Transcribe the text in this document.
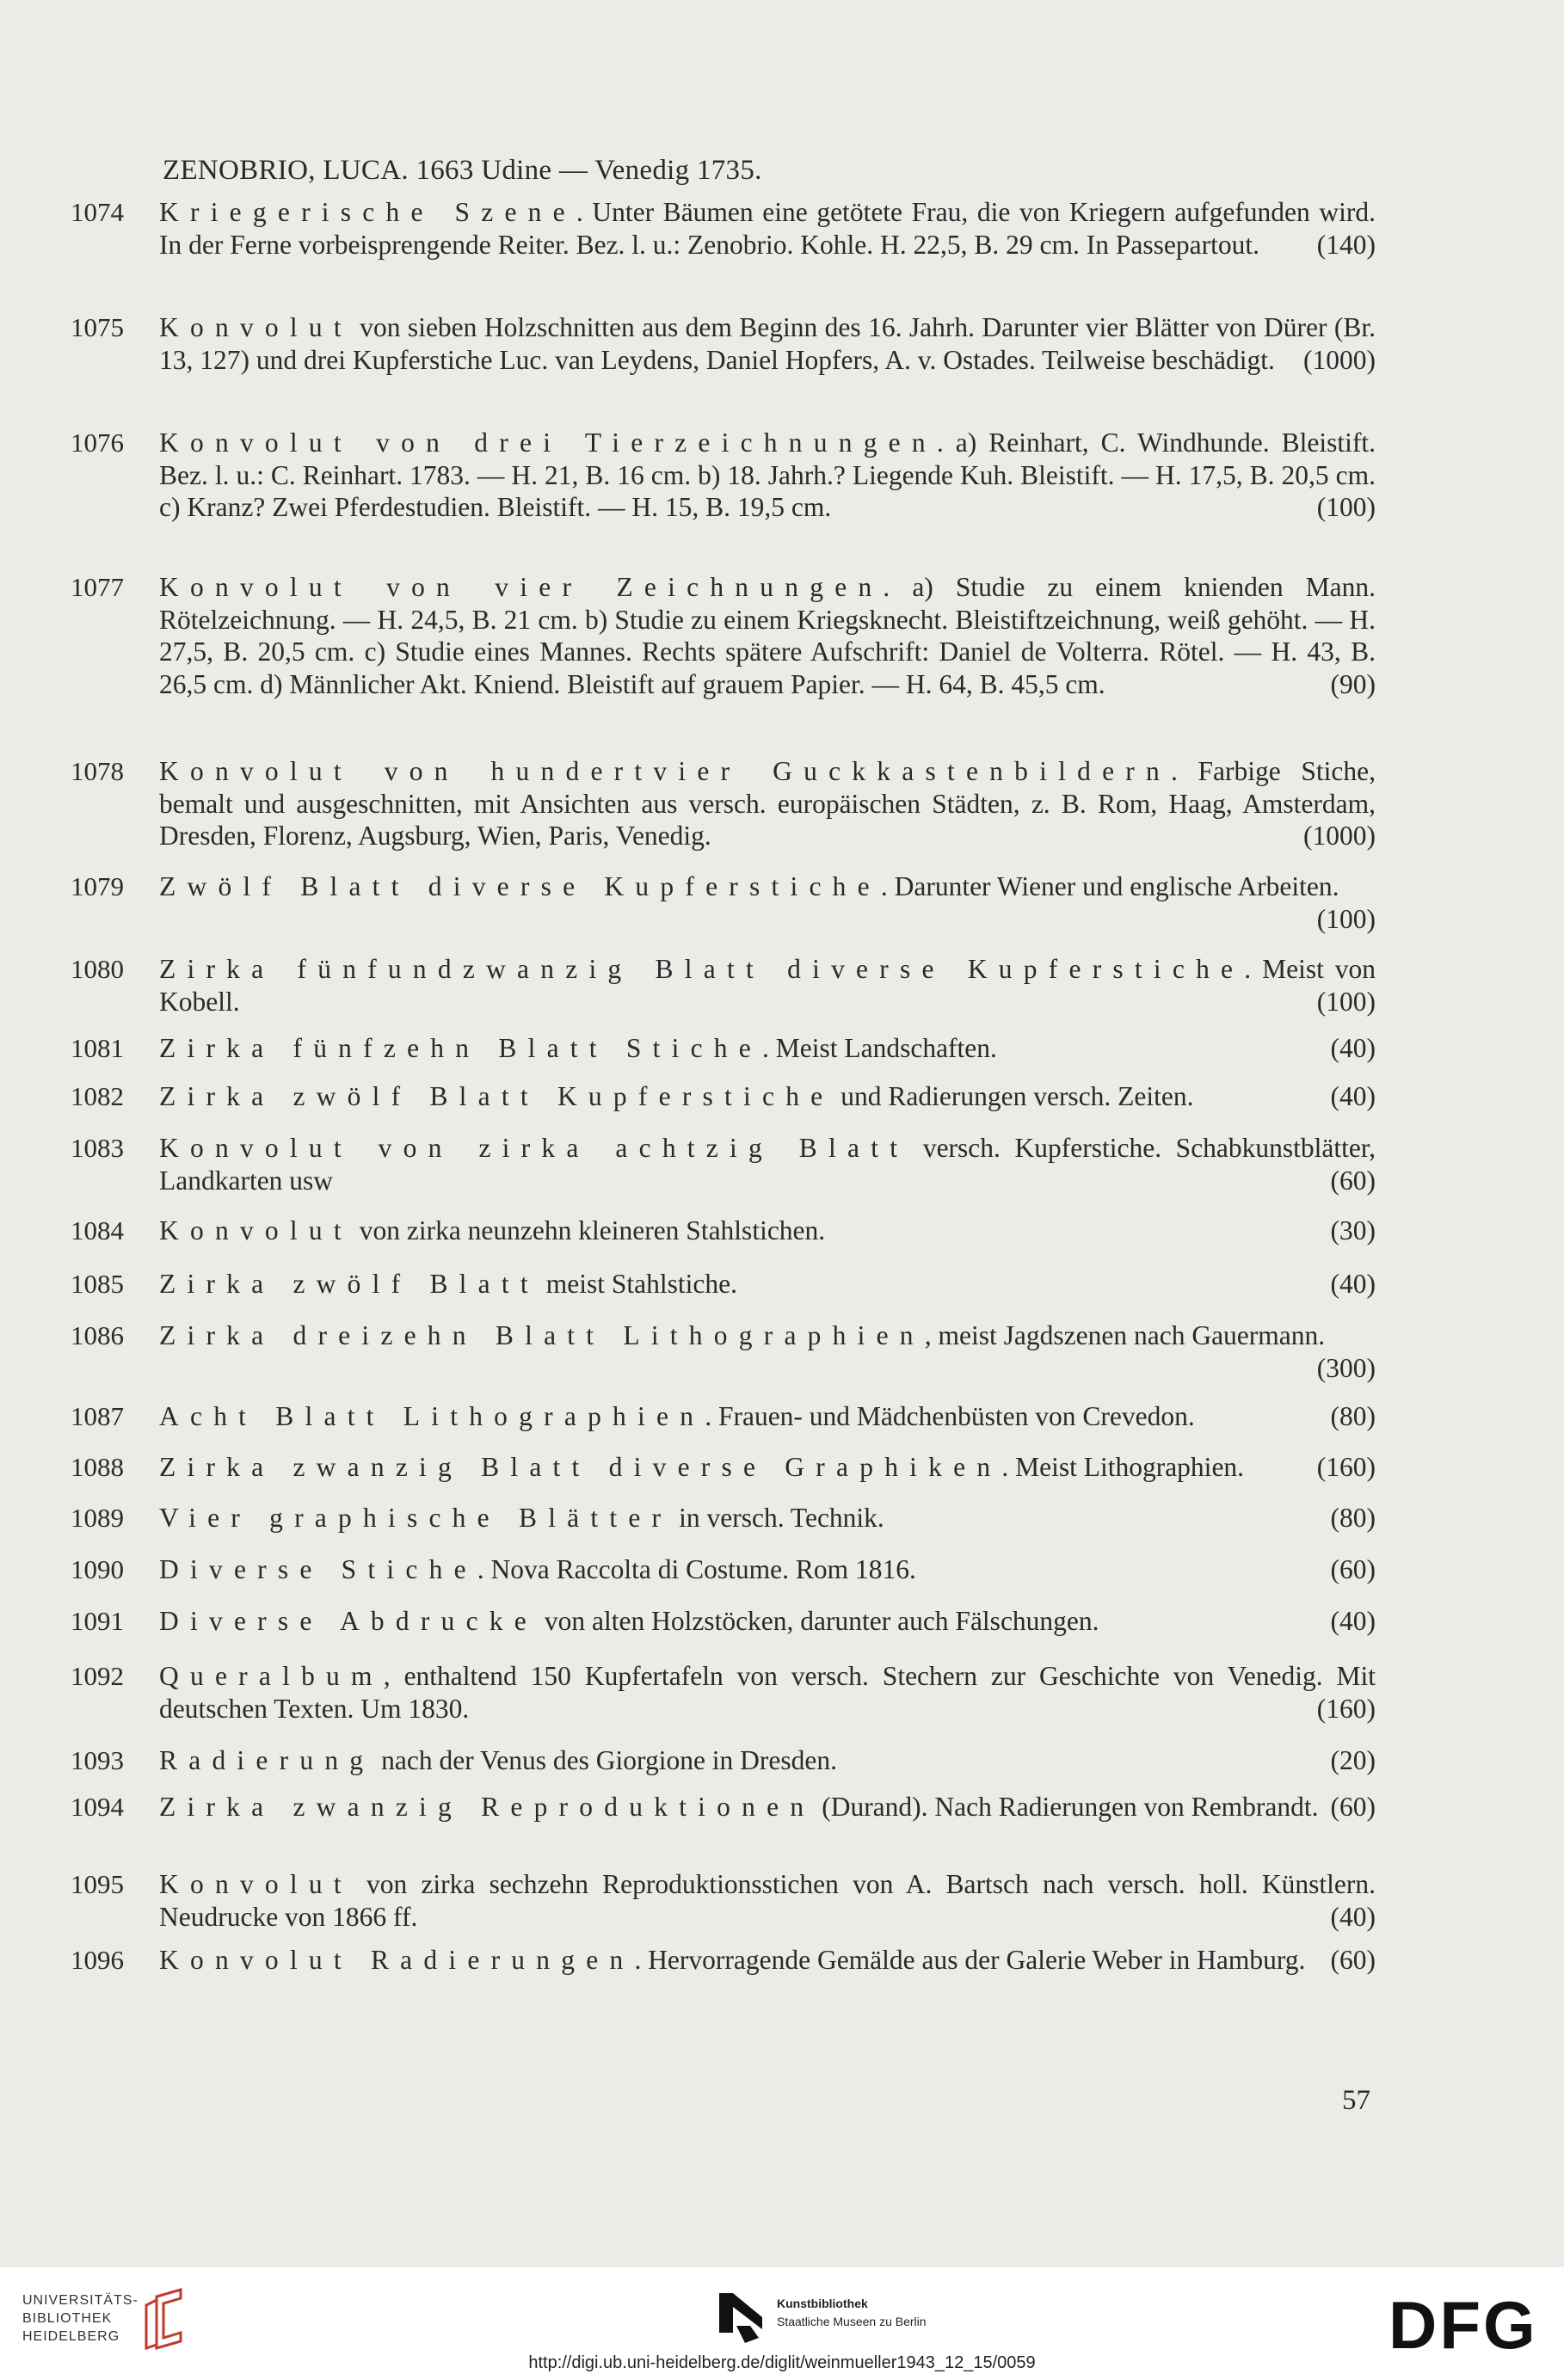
ZENOBRIO, LUCA. 1663 Udine — Venedig 1735.
1074 Kriegerische Szene. Unter Bäumen eine getötete Frau, die von Kriegern aufgefunden wird. In der Ferne vorbeisprengende Reiter. Bez. l. u.: Zenobrio. Kohle. H. 22,5, B. 29 cm. In Passepartout. (140)
1075 Konvolut von sieben Holzschnitten aus dem Beginn des 16. Jahrh. Darunter vier Blätter von Dürer (Br. 13, 127) und drei Kupferstiche Luc. van Leydens, Daniel Hopfers, A. v. Ostades. Teilweise beschädigt. (1000)
1076 Konvolut von drei Tierzeichnungen. a) Reinhart, C. Windhunde. Bleistift. Bez. l. u.: C. Reinhart. 1783. — H. 21, B. 16 cm. b) 18. Jahrh.? Liegende Kuh. Bleistift. — H. 17,5, B. 20,5 cm. c) Kranz? Zwei Pferdestudien. Bleistift. — H. 15, B. 19,5 cm.	(100)
1077 Konvolut von vier Zeichnungen. a) Studie zu einem knienden Mann. Rötelzeichnung. — H. 24,5, B. 21 cm. b) Studie zu einem Kriegsknecht. Bleistiftzeichnung, weiß gehöht. — H. 27,5, B. 20,5 cm. c) Studie eines Mannes. Rechts spätere Aufschrift: Daniel de Volterra. Rötel. — H. 43, B. 26,5 cm. d) Männlicher Akt. Kniend. Bleistift auf grauem Papier. — H. 64, B. 45,5 cm.	(90)
1078 Konvolut von hundertvier Guckkastenbildern. Farbige Stiche, bemalt und ausgeschnitten, mit Ansichten aus versch. europäischen Städten, z. B. Rom, Haag, Amsterdam, Dresden, Florenz, Augsburg, Wien, Paris, Venedig.	(1000)
1079 Zwölf Blatt diverse Kupferstiche. Darunter Wiener und englische Arbeiten.
(100)
1080 Zirka fünfundzwanzig Blatt diverse Kupferstiche. Meist von Kobell.	(100)
1081 Zirka fünfzehn Blatt Stiche. Meist Landschaften.	(40)
1082 Zirka zwölf Blatt Kupferstiche und Radierungen versch. Zeiten.	(40)
1083 Konvolut von zirka achtzig Blatt versch. Kupferstiche. Schabkunstblätter, Landkarten usw	(60)
1084 Konvolut von zirka neunzehn kleineren Stahlstichen.	(30)
1085 Zirka zwölf Blatt meist Stahlstiche.	(40)
1086 Zirka dreizehn Blatt Lithographien, meist Jagdszenen nach Gauermann.
(300)
1087 Acht Blatt Lithographien. Frauen- und Mädchenbüsten von Crevedon.	(80)
1088 Zirka zwanzig Blatt diverse Graphiken. Meist Lithographien.	(160)
1089 Vier graphische Blätter in versch. Technik.	(80)
1090 Diverse Stiche. Nova Raccolta di Costume. Rom 1816.	(60)
1091 Diverse Abdrucke von alten Holzstöcken, darunter auch Fälschungen.	(40)
1092 Queralbum, enthaltend 150 Kupfertafeln von versch. Stechern zur Geschichte von Venedig. Mit deutschen Texten. Um 1830.	(160)
1093 Radierung nach der Venus des Giorgione in Dresden.	(20)
1094 Zirka zwanzig Reproduktionen (Durand). Nach Radierungen von Rembrandt. (60)
1095 Konvolut von zirka sechzehn Reproduktionsstichen von A. Bartsch nach versch. holl. Künstlern. Neudrucke von 1866 ff.	(40)
1096 Konvolut Radierungen. Hervorragende Gemälde aus der Galerie Weber in Hamburg. (60)
57
UNIVERSITÄTS-
BIBLIOTHEK
HEIDELBERG
Kunstbibliothek
Staatliche Museen zu Berlin	DFG
http://digi.ub.uni-heidelberg.de/diglit/weinmueller1943_12_15/0059
